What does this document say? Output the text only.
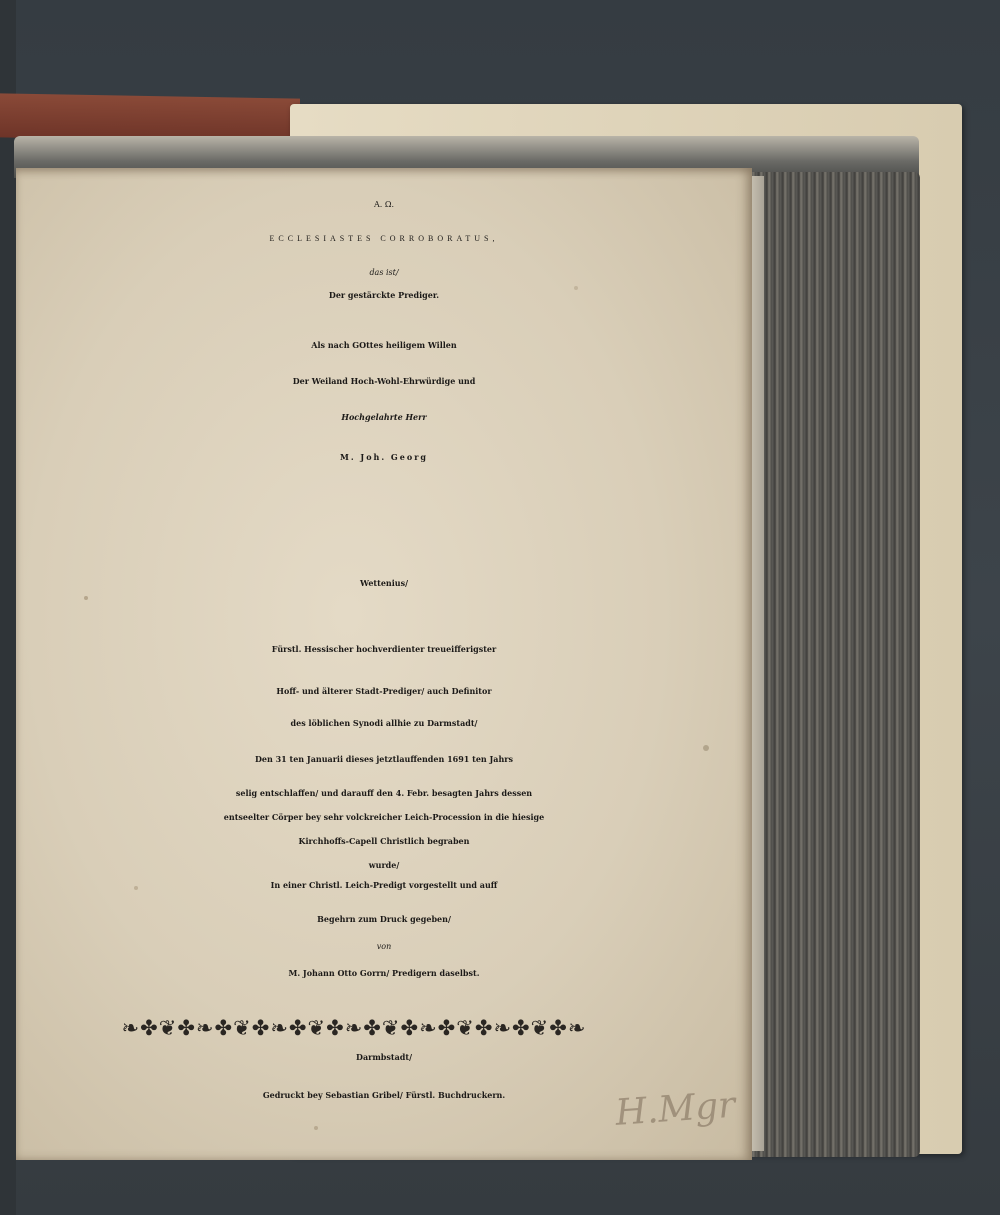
A. Ω.
ECCLESIASTES CORROBORATUS,
das ist/
Der gestärckte Prediger.
Als nach GOttes heiligem Willen
Der Weiland Hoch-Wohl-Ehrwürdige und
Hochgelahrte Herr
M. Joh. Georg
Wettenius/
Fürstl. Hessischer hochverdienter treueifferigster
Hoff- und älterer Stadt-Prediger/ auch Definitor
des löblichen Synodi allhie zu Darmstadt/
Den 31 ten Januarii dieses jetztlauffenden 1691 ten Jahrs
selig entschlaffen/ und darauff den 4. Febr. besagten Jahrs dessen
entseelter Cörper bey sehr volckreicher Leich-Procession in die hiesige
Kirchhoffs-Capell Christlich begraben
wurde/
In einer Christl. Leich-Predigt vorgestellt und auff
Begehrn zum Druck gegeben/
von
M. Johann Otto Gorrn/ Predigern daselbst.
❧✤❦✤❧✤❦✤❧✤❦✤❧✤❦✤❧✤❦✤❧✤❦✤❧
Darmbstadt/
Gedruckt bey Sebastian Gribel/ Fürstl. Buchdruckern.	H.Mgr
